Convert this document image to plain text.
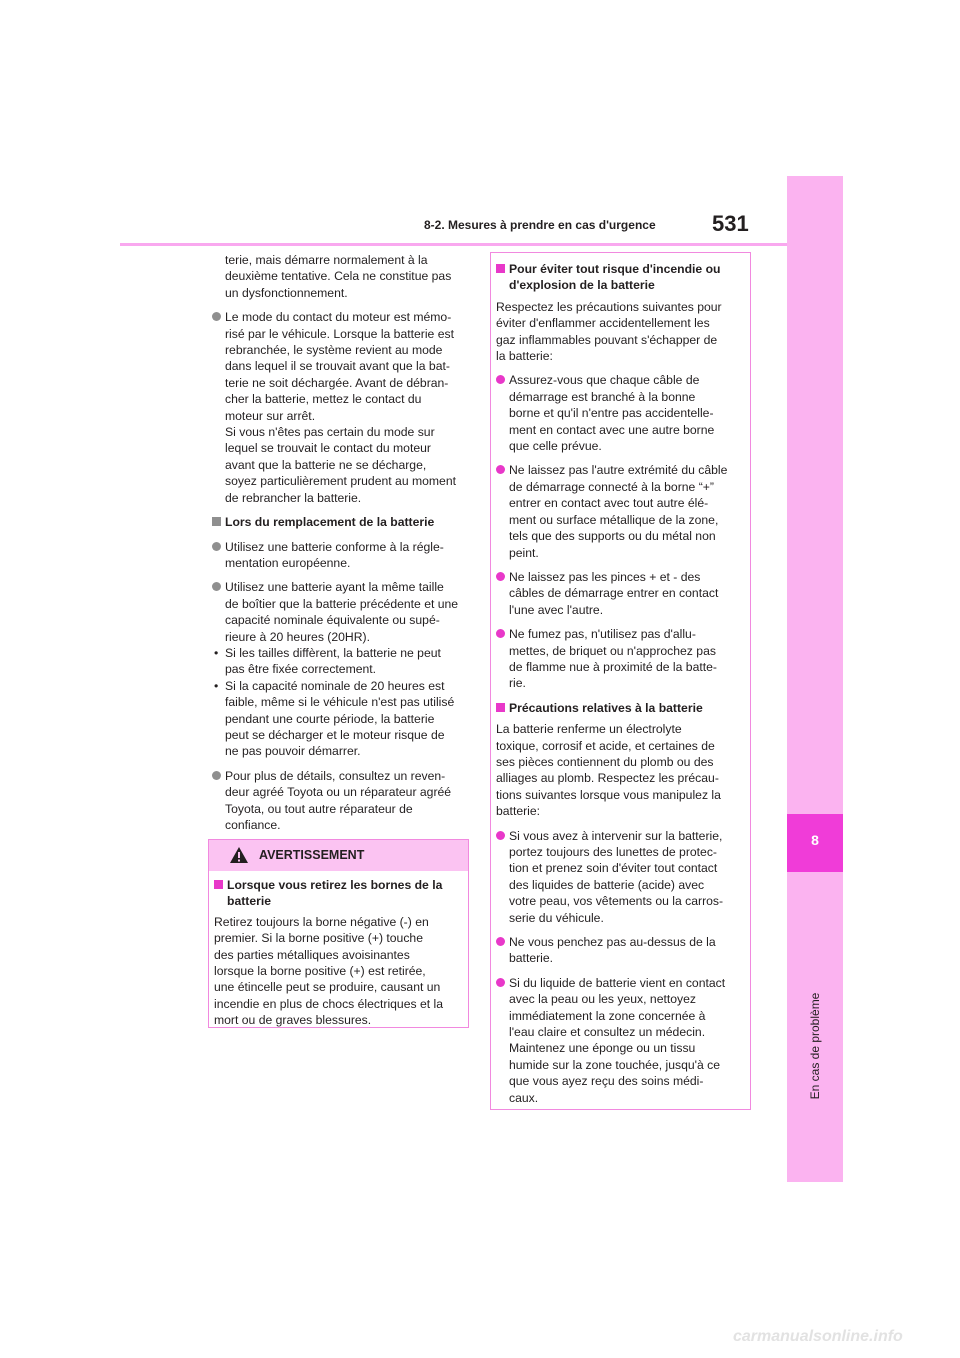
8
En cas de problème
8-2. Mesures à prendre en cas d'urgence	531
terie, mais démarre normalement à la
deuxième tentative. Cela ne constitue pas
un dysfonctionnement.
Le mode du contact du moteur est mémo-
risé par le véhicule. Lorsque la batterie est
rebranchée, le système revient au mode
dans lequel il se trouvait avant que la bat-
terie ne soit déchargée. Avant de débran-
cher la batterie, mettez le contact du
moteur sur arrêt.
Si vous n'êtes pas certain du mode sur
lequel se trouvait le contact du moteur
avant que la batterie ne se décharge,
soyez particulièrement prudent au moment
de rebrancher la batterie.
Lors du remplacement de la batterie
Utilisez une batterie conforme à la régle-
mentation européenne.
Utilisez une batterie ayant la même taille
de boîtier que la batterie précédente et une
capacité nominale équivalente ou supé-
rieure à 20 heures (20HR).
• Si les tailles diffèrent, la batterie ne peut
pas être fixée correctement.
• Si la capacité nominale de 20 heures est
faible, même si le véhicule n'est pas utilisé
pendant une courte période, la batterie
peut se décharger et le moteur risque de
ne pas pouvoir démarrer.
Pour plus de détails, consultez un reven-
deur agréé Toyota ou un réparateur agréé
Toyota, ou tout autre réparateur de
confiance.
AVERTISSEMENT
Lorsque vous retirez les bornes de la
batterie
Retirez toujours la borne négative (-) en
premier. Si la borne positive (+) touche
des parties métalliques avoisinantes
lorsque la borne positive (+) est retirée,
une étincelle peut se produire, causant un
incendie en plus de chocs électriques et la
mort ou de graves blessures.
Pour éviter tout risque d'incendie ou
d'explosion de la batterie
Respectez les précautions suivantes pour
éviter d'enflammer accidentellement les
gaz inflammables pouvant s'échapper de
la batterie:
Assurez-vous que chaque câble de
démarrage est branché à la bonne
borne et qu'il n'entre pas accidentelle-
ment en contact avec une autre borne
que celle prévue.
Ne laissez pas l'autre extrémité du câble
de démarrage connecté à la borne “+”
entrer en contact avec tout autre élé-
ment ou surface métallique de la zone,
tels que des supports ou du métal non
peint.
Ne laissez pas les pinces + et - des
câbles de démarrage entrer en contact
l'une avec l'autre.
Ne fumez pas, n'utilisez pas d'allu-
mettes, de briquet ou n'approchez pas
de flamme nue à proximité de la batte-
rie.
Précautions relatives à la batterie
La batterie renferme un électrolyte
toxique, corrosif et acide, et certaines de
ses pièces contiennent du plomb ou des
alliages au plomb. Respectez les précau-
tions suivantes lorsque vous manipulez la
batterie:
Si vous avez à intervenir sur la batterie,
portez toujours des lunettes de protec-
tion et prenez soin d'éviter tout contact
des liquides de batterie (acide) avec
votre peau, vos vêtements ou la carros-
serie du véhicule.
Ne vous penchez pas au-dessus de la
batterie.
Si du liquide de batterie vient en contact
avec la peau ou les yeux, nettoyez
immédiatement la zone concernée à
l'eau claire et consultez un médecin.
Maintenez une éponge ou un tissu
humide sur la zone touchée, jusqu'à ce
que vous ayez reçu des soins médi-
caux.
carmanualsonline.info
